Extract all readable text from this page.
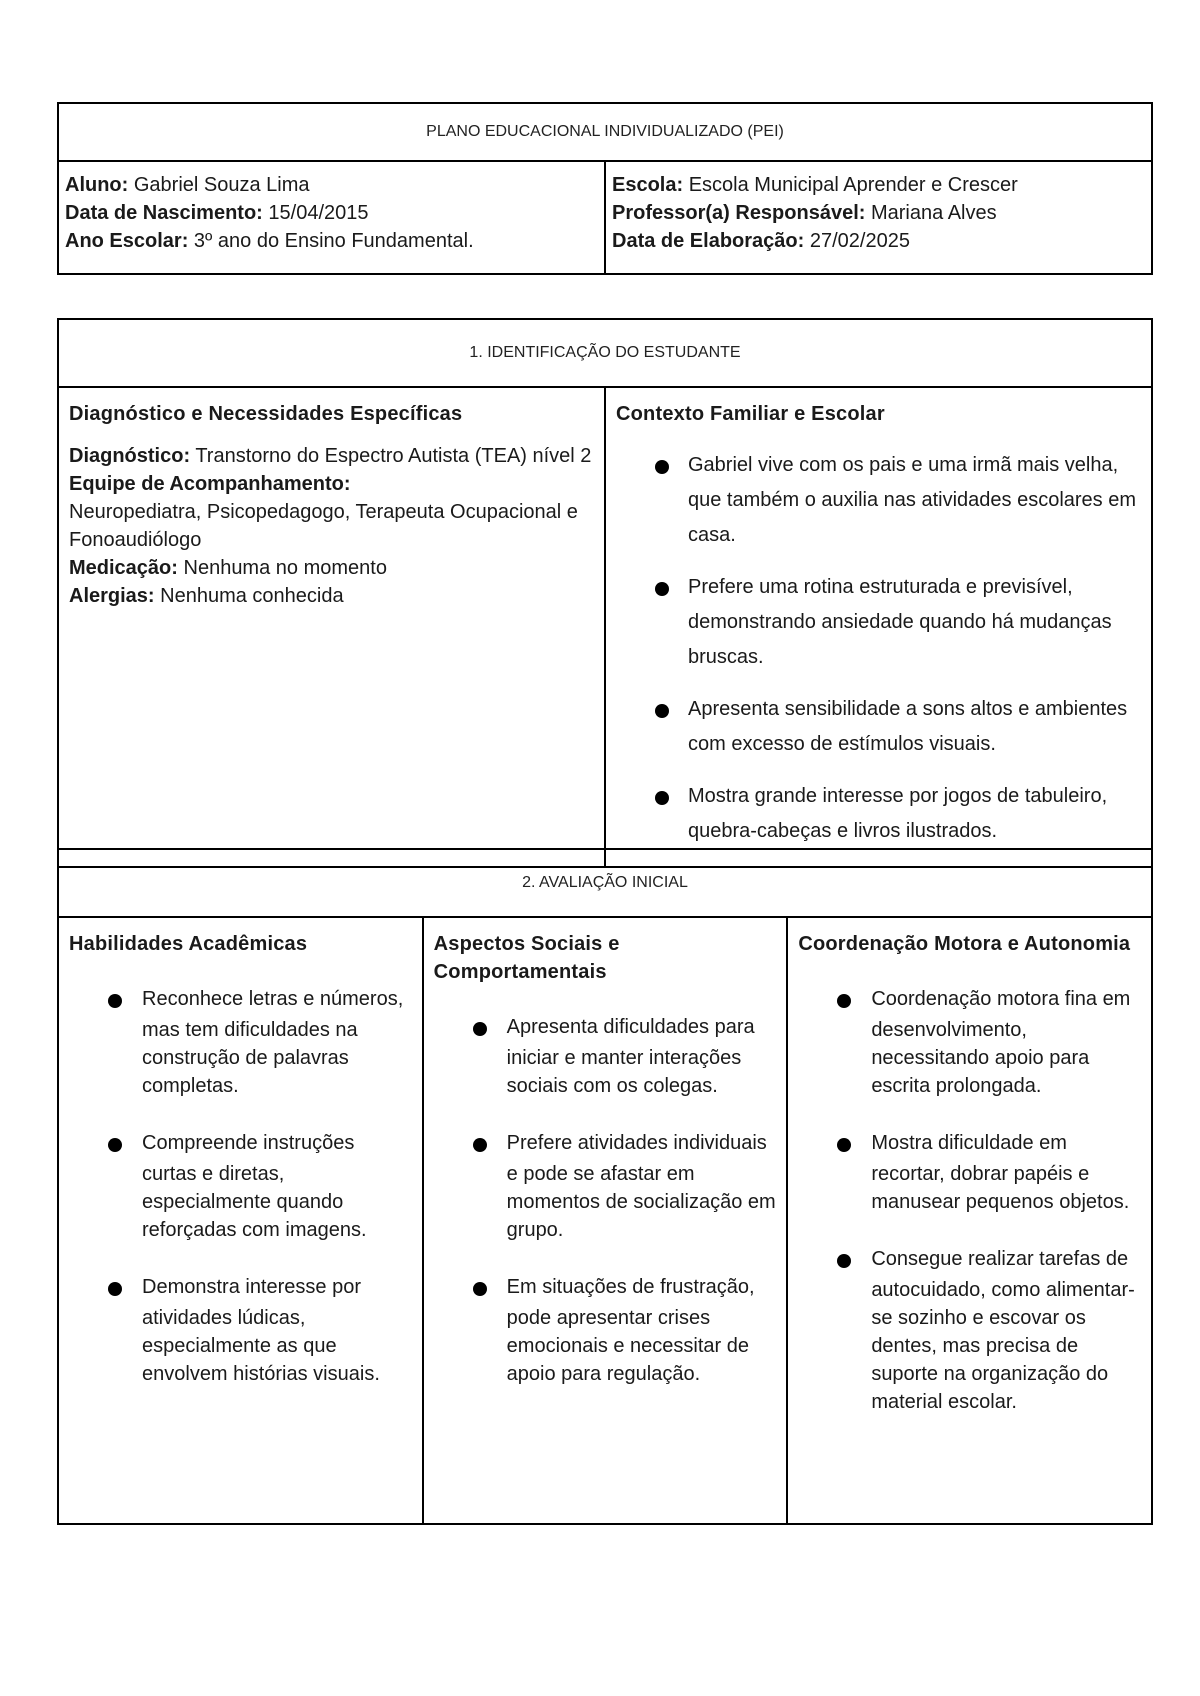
PLANO EDUCACIONAL INDIVIDUALIZADO (PEI)

Aluno: Gabriel Souza Lima
Data de Nascimento: 15/04/2015
Ano Escolar: 3º ano do Ensino Fundamental.

Escola: Escola Municipal Aprender e Crescer
Professor(a) Responsável: Mariana Alves
Data de Elaboração: 27/02/2025
1. IDENTIFICAÇÃO DO ESTUDANTE

Diagnóstico e Necessidades Específicas
Diagnóstico: Transtorno do Espectro Autista (TEA) nível 2
Equipe de Acompanhamento:
Neuropediatra, Psicopedagogo, Terapeuta Ocupacional e Fonoaudiólogo
Medicação: Nenhuma no momento
Alergias: Nenhuma conhecida

Contexto Familiar e Escolar
Gabriel vive com os pais e uma irmã mais velha, que também o auxilia nas atividades escolares em casa.
Prefere uma rotina estruturada e previsível, demonstrando ansiedade quando há mudanças bruscas.
Apresenta sensibilidade a sons altos e ambientes com excesso de estímulos visuais.
Mostra grande interesse por jogos de tabuleiro, quebra-cabeças e livros ilustrados.
2. AVALIAÇÃO INICIAL

Habilidades Acadêmicas
Reconhece letras e números, mas tem dificuldades na construção de palavras completas.
Compreende instruções curtas e diretas, especialmente quando reforçadas com imagens.
Demonstra interesse por atividades lúdicas, especialmente as que envolvem histórias visuais.

Aspectos Sociais e Comportamentais
Apresenta dificuldades para iniciar e manter interações sociais com os colegas.
Prefere atividades individuais e pode se afastar em momentos de socialização em grupo.
Em situações de frustração, pode apresentar crises emocionais e necessitar de apoio para regulação.

Coordenação Motora e Autonomia
Coordenação motora fina em desenvolvimento, necessitando apoio para escrita prolongada.
Mostra dificuldade em recortar, dobrar papéis e manusear pequenos objetos.
Consegue realizar tarefas de autocuidado, como alimentar-se sozinho e escovar os dentes, mas precisa de suporte na organização do material escolar.
